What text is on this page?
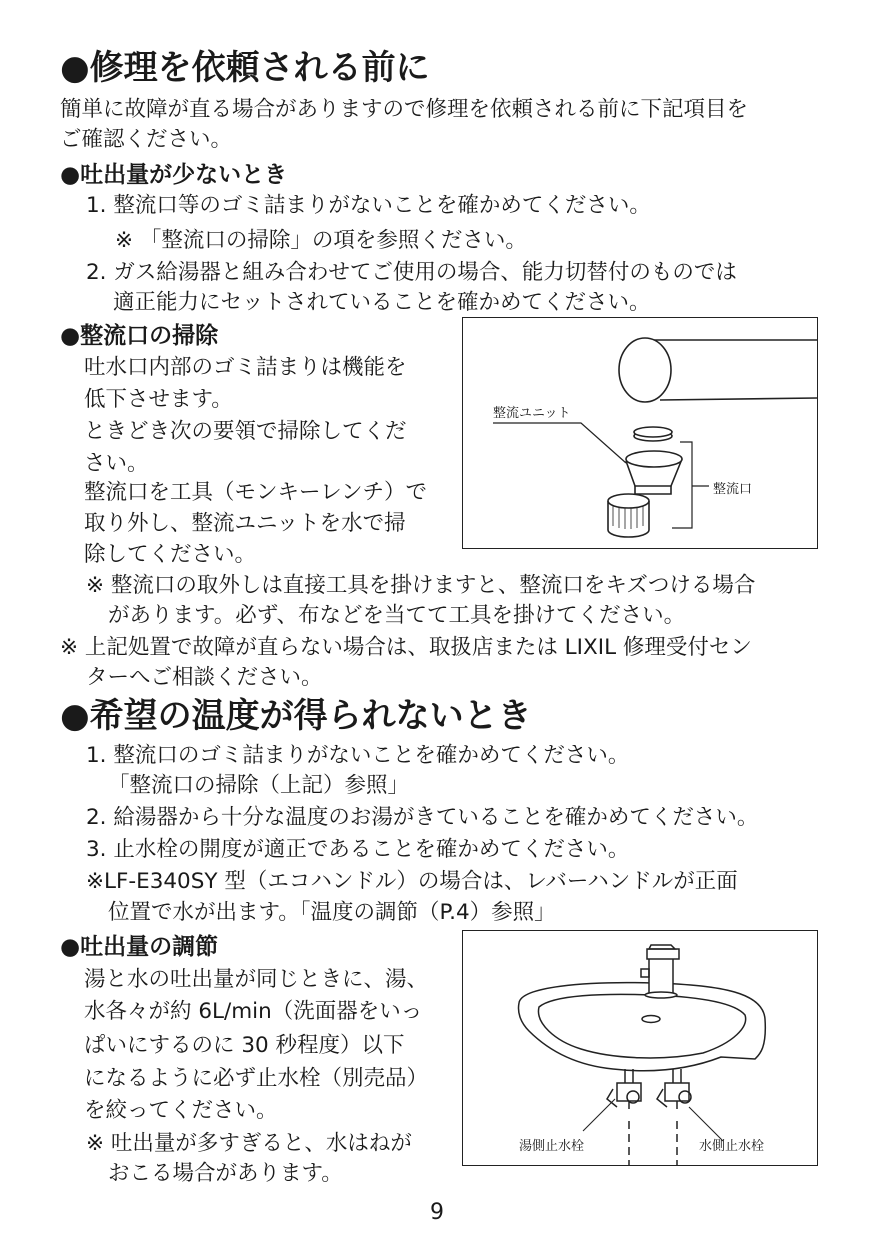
●修理を依頼される前に
簡単に故障が直る場合がありますので修理を依頼される前に下記項目を
ご確認ください。
●吐出量が少ないとき
1. 整流口等のゴミ詰まりがないことを確かめてください。
※ 「整流口の掃除」の項を参照ください。
2. ガス給湯器と組み合わせてご使用の場合、能力切替付のものでは
適正能力にセットされていることを確かめてください。
●整流口の掃除
吐水口内部のゴミ詰まりは機能を
低下させます。
ときどき次の要領で掃除してくだ
さい。
整流口を工具（モンキーレンチ）で
取り外し、整流ユニットを水で掃
除してください。
整流ユニット
整流口
※ 整流口の取外しは直接工具を掛けますと、整流口をキズつける場合
があります。必ず、布などを当てて工具を掛けてください。
※ 上記処置で故障が直らない場合は、取扱店または LIXIL 修理受付セン
ターへご相談ください。
●希望の温度が得られないとき
1. 整流口のゴミ詰まりがないことを確かめてください。
「整流口の掃除（上記）参照」
2. 給湯器から十分な温度のお湯がきていることを確かめてください。
3. 止水栓の開度が適正であることを確かめてください。
※LF-E340SY 型（エコハンドル）の場合は、レバーハンドルが正面
位置で水が出ます。「温度の調節（P.4）参照」
●吐出量の調節
湯と水の吐出量が同じときに、湯、
水各々が約 6L/min（洗面器をいっ
ぱいにするのに 30 秒程度）以下
になるように必ず止水栓（別売品）
を絞ってください。
※ 吐出量が多すぎると、水はねが
おこる場合があります。
湯側止水栓	水側止水栓
9
